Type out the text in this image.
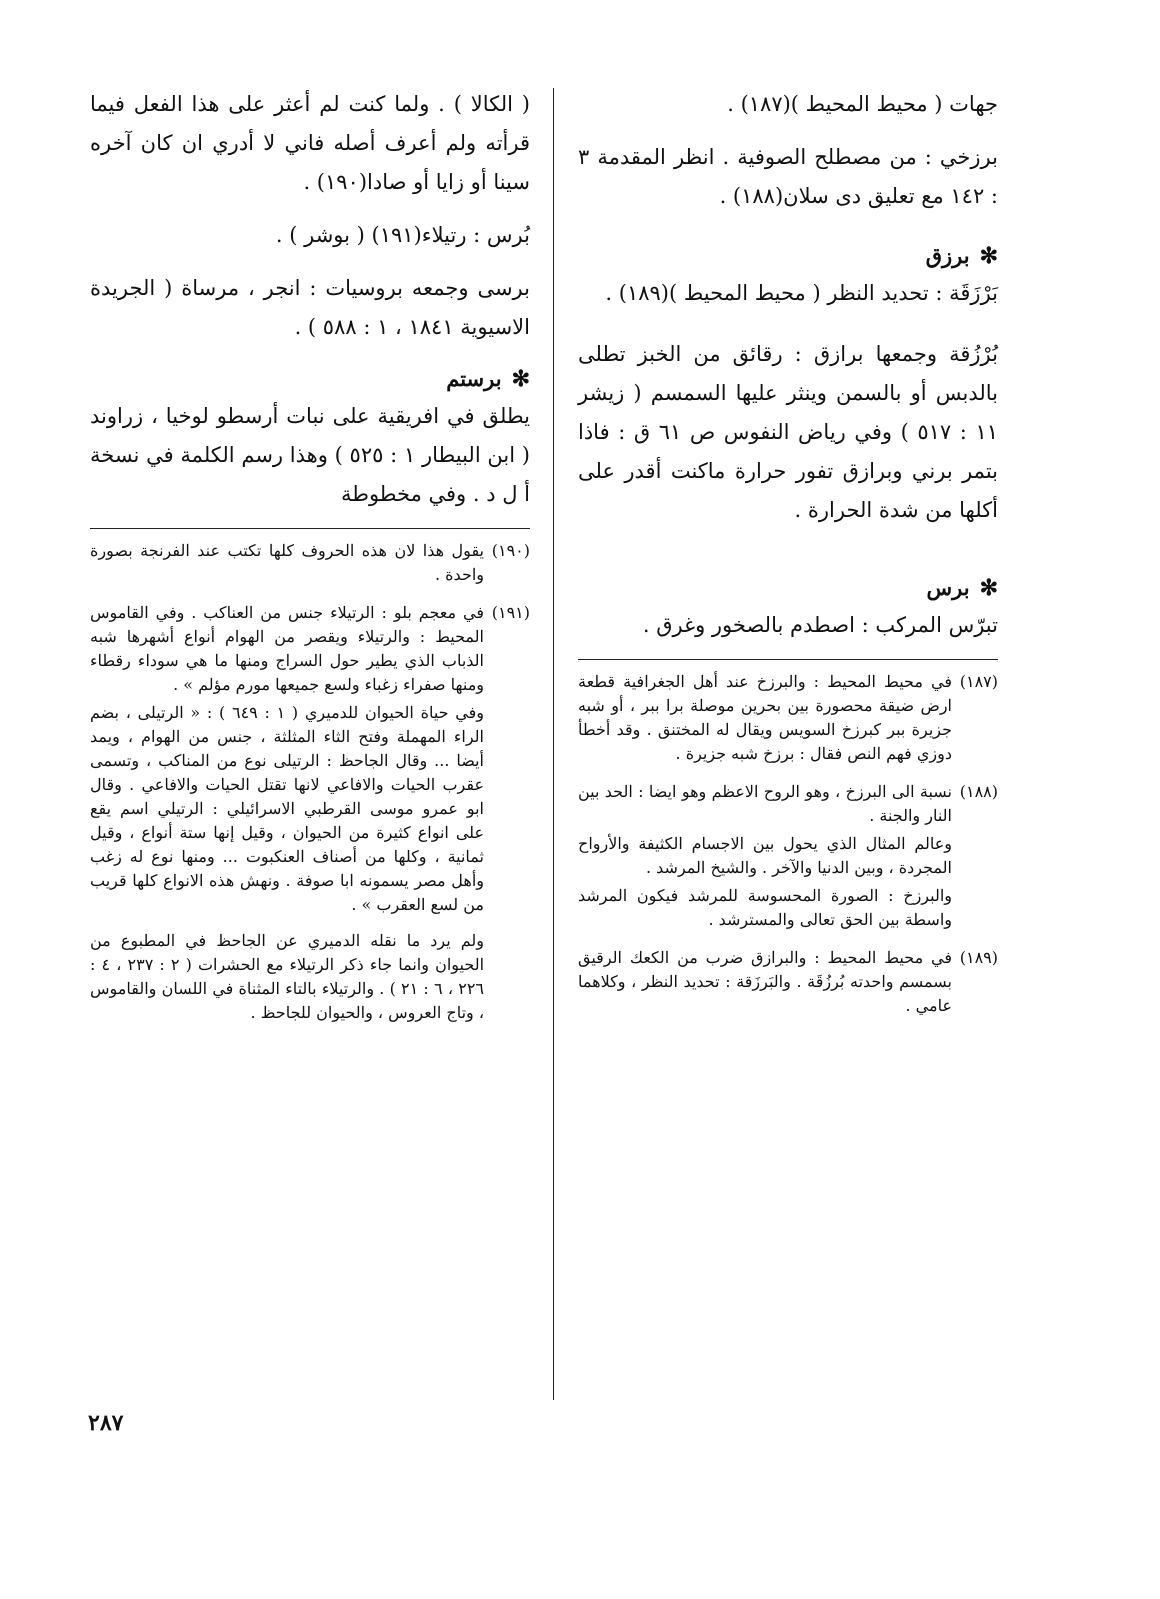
جهات ( محيط المحيط )(١٨٧) .

برزخي : من مصطلح الصوفية . انظر المقدمة ٣ : ١٤٢ مع تعليق دى سلان(١٨٨) .

✻برزق

بَرْزَقَة : تحديد النظر ( محيط المحيط )(١٨٩) .

بُرْزُقة وجمعها برازق : رقائق من الخبز تطلى بالدبس أو بالسمن وينثر عليها السمسم ( زيشر ١١ : ٥١٧ ) وفي رياض النفوس ص ٦١ ق : فاذا بتمر برني وبرازق تفور حرارة ماكنت أقدر على أكلها من شدة الحرارة .

✻برس

تبرّس المركب : اصطدم بالصخور وغرق .

(١٨٧)

في محيط المحيط : والبرزخ عند أهل الجغرافية قطعة ارض ضيقة محصورة بين بحرين موصلة برا ببر ، أو شبه جزيرة ببر كبرزخ السويس ويقال له المختنق . وقد أخطأ دوزي فهم النص فقال : برزخ شبه جزيرة .

(١٨٨)

نسبة الى البرزخ ، وهو الروح الاعظم وهو ايضا : الحد بين النار والجنة .

وعالم المثال الذي يحول بين الاجسام الكثيفة والأرواح المجردة ، وبين الدنيا والآخر . والشيخ المرشد .

والبرزخ : الصورة المحسوسة للمرشد فيكون المرشد واسطة بين الحق تعالى والمسترشد .

(١٨٩)

في محيط المحيط : والبرازق ضرب من الكعك الرقيق بسمسم واحدته بُرزُقَة . والبَرزَقة : تحديد النظر ، وكلاهما عامي .

( الكالا ) . ولما كنت لم أعثر على هذا الفعل فيما قرأته ولم أعرف أصله فاني لا أدري ان كان آخره سينا أو زايا أو صادا(١٩٠) .

بُرس : رتيلاء(١٩١) ( بوشر ) .

برسى وجمعه بروسيات : انجر ، مرساة ( الجريدة الاسيوية ١٨٤١ ، ١ : ٥٨٨ ) .

✻برستم

يطلق في افريقية على نبات أرسطو لوخيا ، زراوند ( ابن البيطار ١ : ٥٢٥ ) وهذا رسم الكلمة في نسخة أ ل د . وفي مخطوطة

(١٩٠)

يقول هذا لان هذه الحروف كلها تكتب عند الفرنجة بصورة واحدة .

(١٩١)

في معجم بلو : الرتيلاء جنس من العناكب . وفي القاموس المحيط : والرتيلاء ويقصر من الهوام أنواع أشهرها شبه الذباب الذي يطير حول السراج ومنها ما هي سوداء رقطاء ومنها صفراء زغباء ولسع جميعها مورم مؤلم » .

وفي حياة الحيوان للدميري ( ١ : ٦٤٩ ) : « الرتيلى ، بضم الراء المهملة وفتح الثاء المثلثة ، جنس من الهوام ، ويمد أيضا ... وقال الجاحظ : الرتيلى نوع من المناكب ، وتسمى عقرب الحيات والافاعي لانها تقتل الحيات والافاعي . وقال ابو عمرو موسى القرطبي الاسرائيلي : الرتيلي اسم يقع على انواع كثيرة من الحيوان ، وقيل إنها ستة أنواع ، وقيل ثمانية ، وكلها من أصناف العنكبوت ... ومنها نوع له زغب وأهل مصر يسمونه ابا صوفة . ونهش هذه الانواع كلها قريب من لسع العقرب » .

ولم يرد ما نقله الدميري عن الجاحظ في المطبوع من الحيوان وانما جاء ذكر الرتيلاء مع الحشرات ( ٢ : ٢٣٧ ، ٤ : ٢٢٦ ، ٦ : ٢١ ) . والرتيلاء بالتاء المثناة في اللسان والقاموس ، وتاج العروس ، والحيوان للجاحظ .

٢٨٧
